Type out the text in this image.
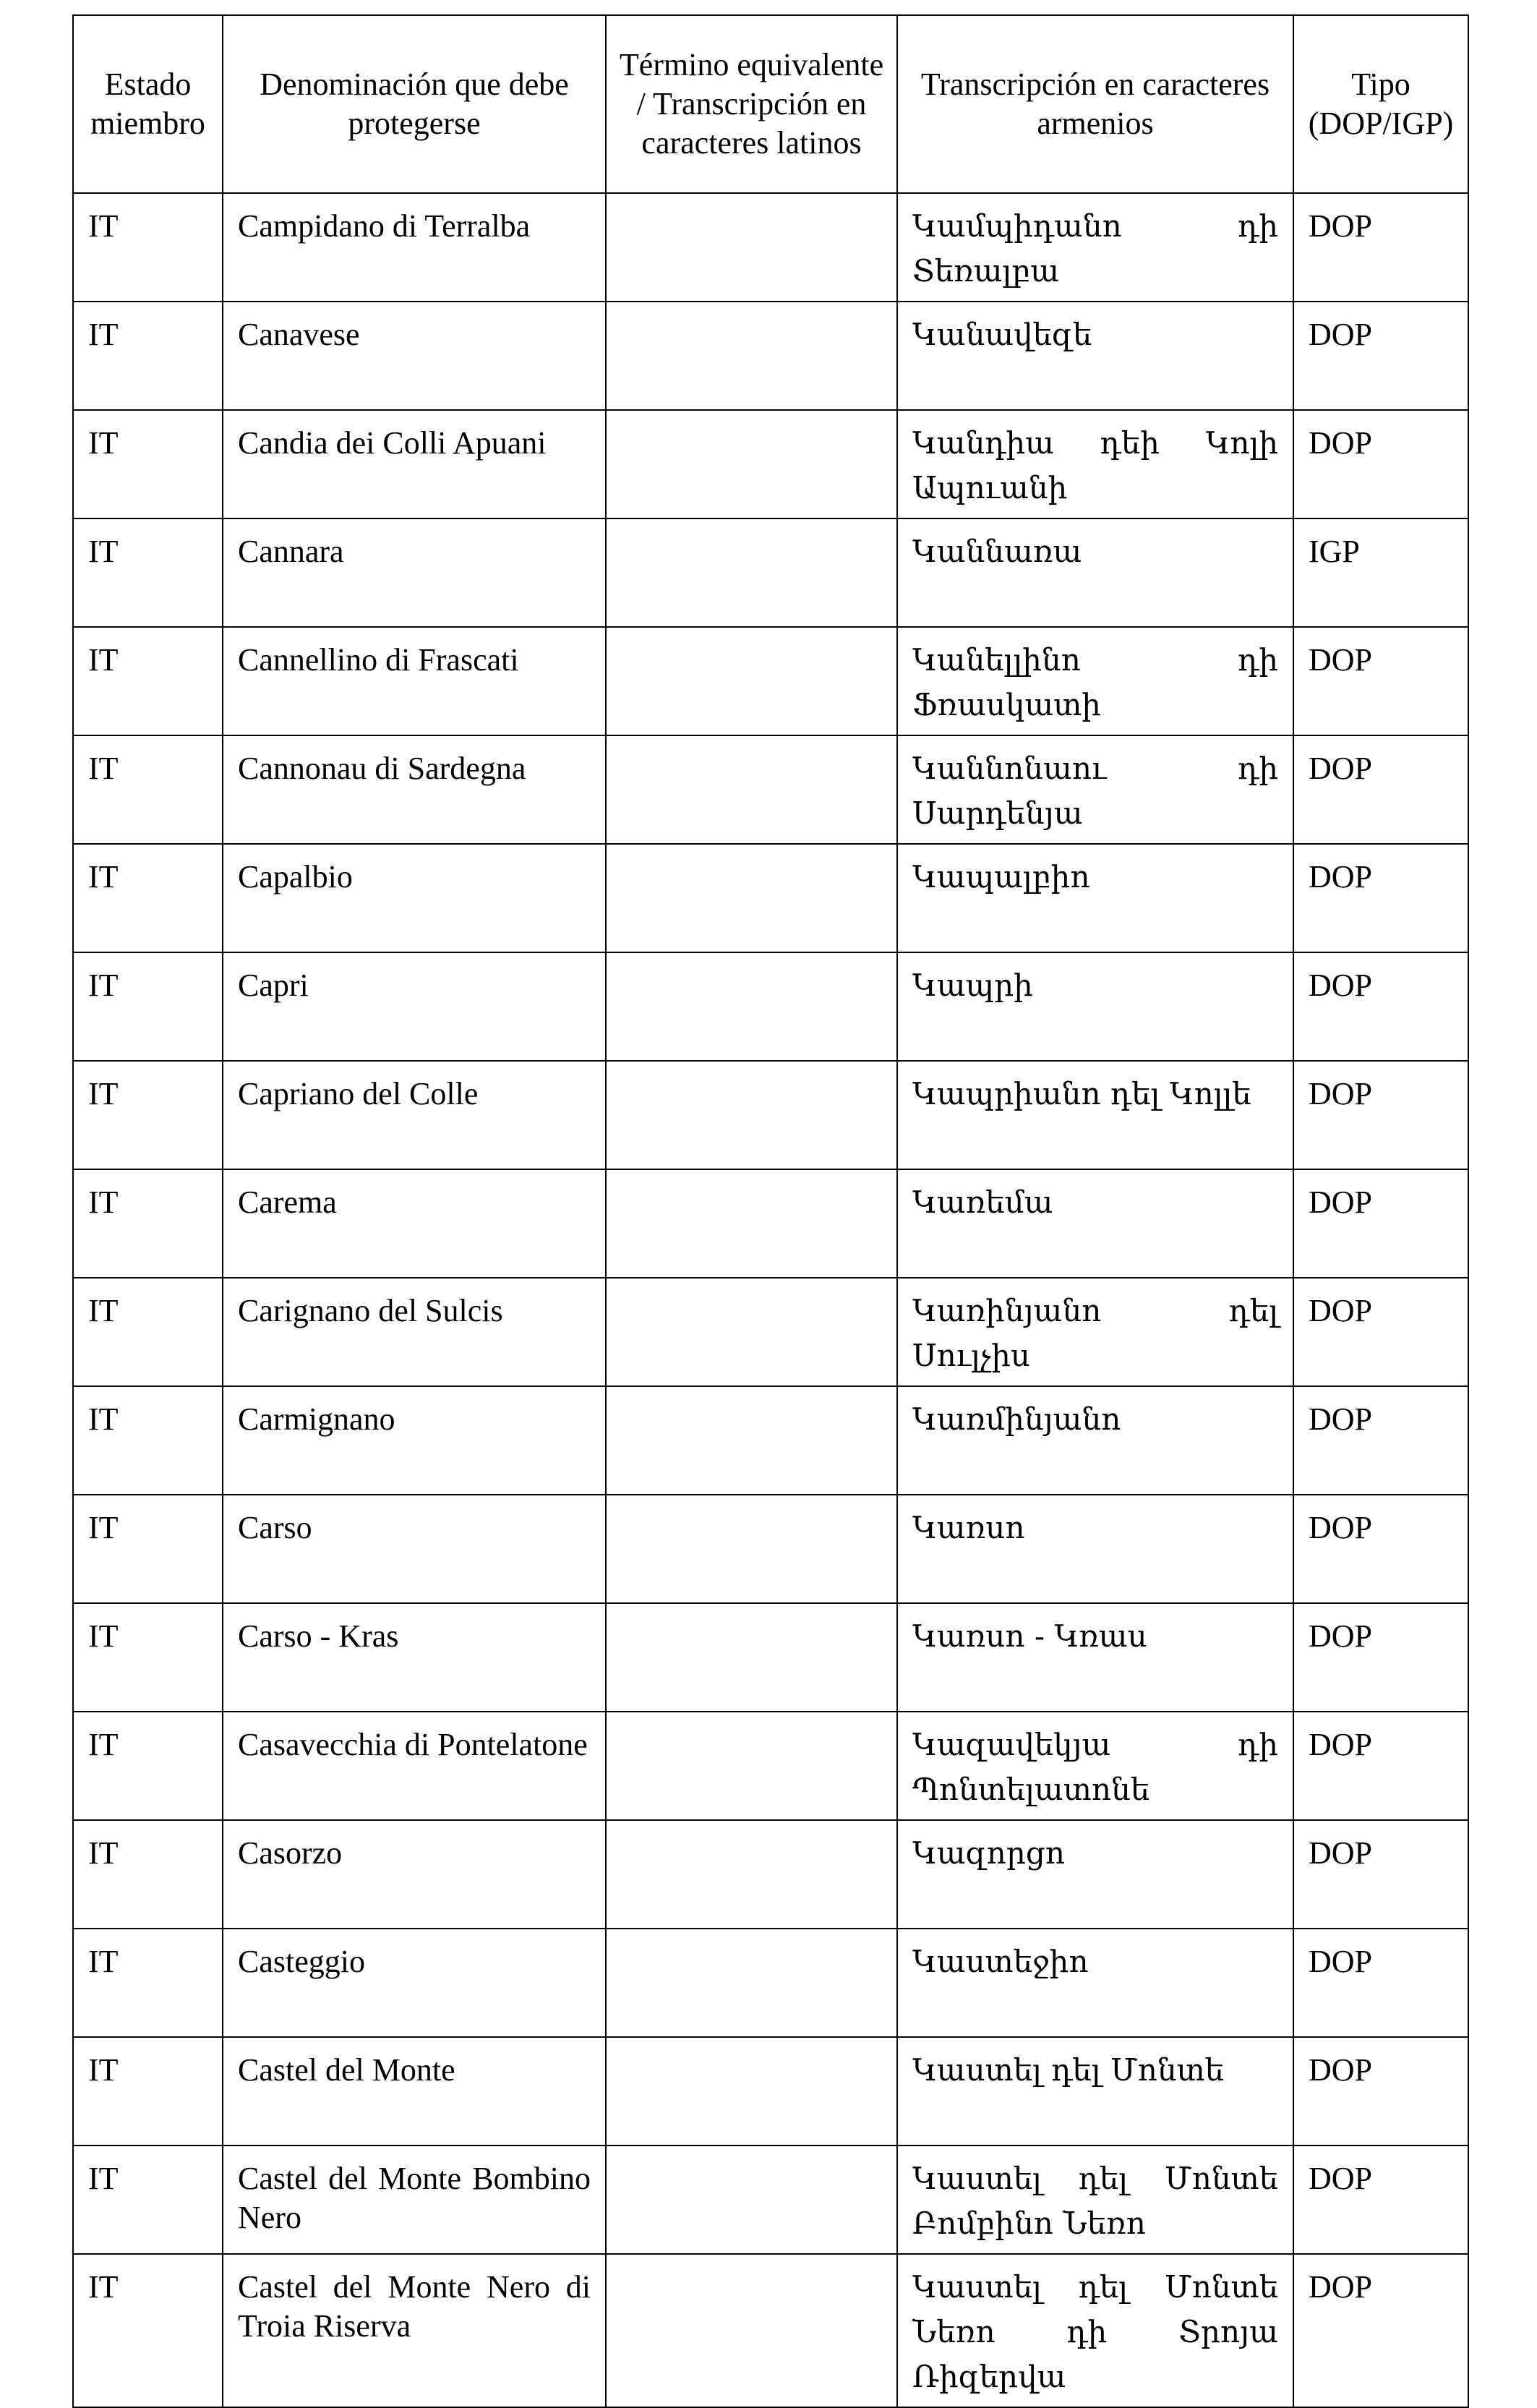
Estado miembro	Denominación que debe protegerse	Término equivalente / Transcripción en caracteres latinos	Transcripción en caracteres armenios	Tipo (DOP/IGP)
IT	Campidano di Terralba		Կամպիդանո դի Տեռալբա	DOP
IT	Canavese		Կանավեզե	DOP
IT	Candia dei Colli Apuani		Կանդիա դեի Կոլի Ապուանի	DOP
IT	Cannara		Կաննառա	IGP
IT	Cannellino di Frascati		Կանելլինո դի Ֆռասկատի	DOP
IT	Cannonau di Sardegna		Կաննոնաու դի Սարդենյա	DOP
IT	Capalbio		Կապալբիո	DOP
IT	Capri		Կապրի	DOP
IT	Capriano del Colle		Կապրիանո դել Կոլլե	DOP
IT	Carema		Կառեմա	DOP
IT	Carignano del Sulcis		Կառինյանո դել Սուլչիս	DOP
IT	Carmignano		Կառմինյանո	DOP
IT	Carso		Կառսո	DOP
IT	Carso - Kras		Կառսո - Կռաս	DOP
IT	Casavecchia di Pontelatone		Կազավեկյա դի Պոնտելատոնե	DOP
IT	Casorzo		Կազորցո	DOP
IT	Casteggio		Կաստեջիո	DOP
IT	Castel del Monte		Կաստել դել Մոնտե	DOP
IT	Castel del Monte Bombino Nero		Կաստել դել Մոնտե Բոմբինո Նեռո	DOP
IT	Castel del Monte Nero di Troia Riserva		Կաստել դել Մոնտե Նեռո դի Տրոյա Ռիզերվա	DOP
